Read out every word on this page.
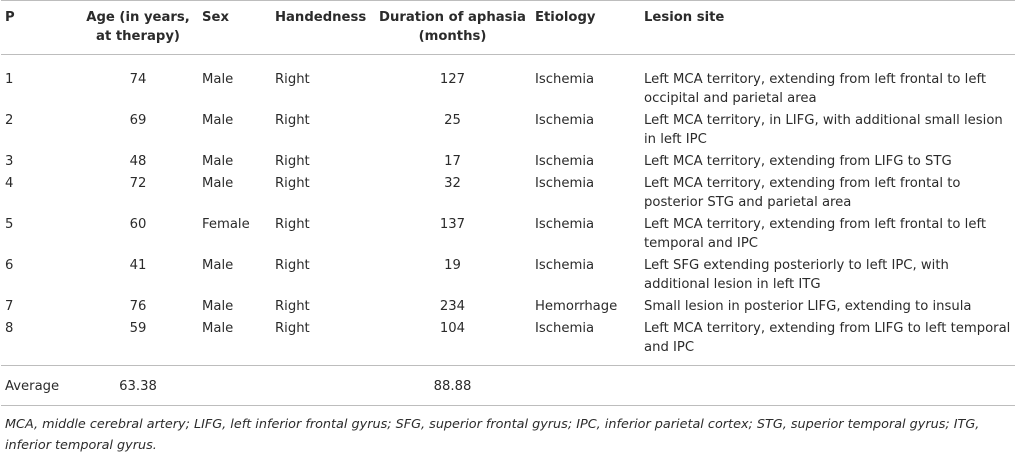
P	Age (in years, at therapy)	Sex	Handedness	Duration of aphasia (months)	Etiology	Lesion site
1	74	Male	Right	127	Ischemia	Left MCA territory, extending from left frontal to left occipital and parietal area
2	69	Male	Right	25	Ischemia	Left MCA territory, in LIFG, with additional small lesion in left IPC
3	48	Male	Right	17	Ischemia	Left MCA territory, extending from LIFG to STG
4	72	Male	Right	32	Ischemia	Left MCA territory, extending from left frontal to posterior STG and parietal area
5	60	Female	Right	137	Ischemia	Left MCA territory, extending from left frontal to left temporal and IPC
6	41	Male	Right	19	Ischemia	Left SFG extending posteriorly to left IPC, with additional lesion in left ITG
7	76	Male	Right	234	Hemorrhage	Small lesion in posterior LIFG, extending to insula
8	59	Male	Right	104	Ischemia	Left MCA territory, extending from LIFG to left temporal and IPC
Average	63.38			88.88		
MCA, middle cerebral artery; LIFG, left inferior frontal gyrus; SFG, superior frontal gyrus; IPC, inferior parietal cortex; STG, superior temporal gyrus; ITG, inferior temporal gyrus.
